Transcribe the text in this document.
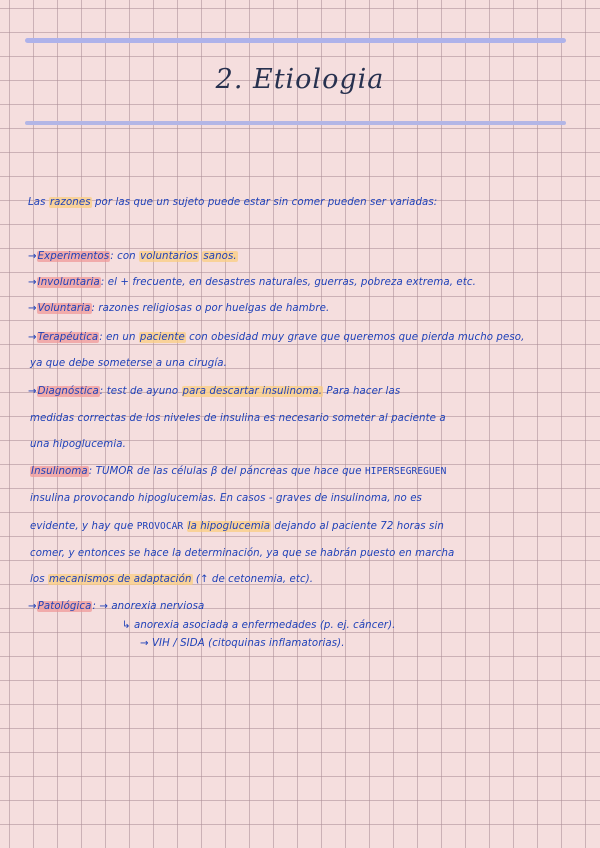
2. Etiologia
Las razones por las que un sujeto puede estar sin comer pueden ser variadas:
→Experimentos: con voluntarios sanos.
→Involuntaria: el + frecuente, en desastres naturales, guerras, pobreza extrema, etc.
→Voluntaria: razones religiosas o por huelgas de hambre.
→Terapéutica: en un paciente con obesidad muy grave que queremos que pierda mucho peso,
ya que debe someterse a una cirugía.
→Diagnóstica: test de ayuno para descartar insulinoma. Para hacer las
medidas correctas de los niveles de insulina es necesario someter al paciente a
una hipoglucemia.
Insulinoma: TUMOR de las células β del páncreas que hace que HIPERSEGREGUEN
insulina provocando hipoglucemias. En casos - graves de insulinoma, no es
evidente, y hay que PROVOCAR la hipoglucemia dejando al paciente 72 horas sin
comer, y entonces se hace la determinación, ya que se habrán puesto en marcha
los mecanismos de adaptación (↑ de cetonemia, etc).
→Patológica: → anorexia nerviosa
↳ anorexia asociada a enfermedades (p. ej. cáncer).
→ VIH / SIDA (citoquinas inflamatorias).
